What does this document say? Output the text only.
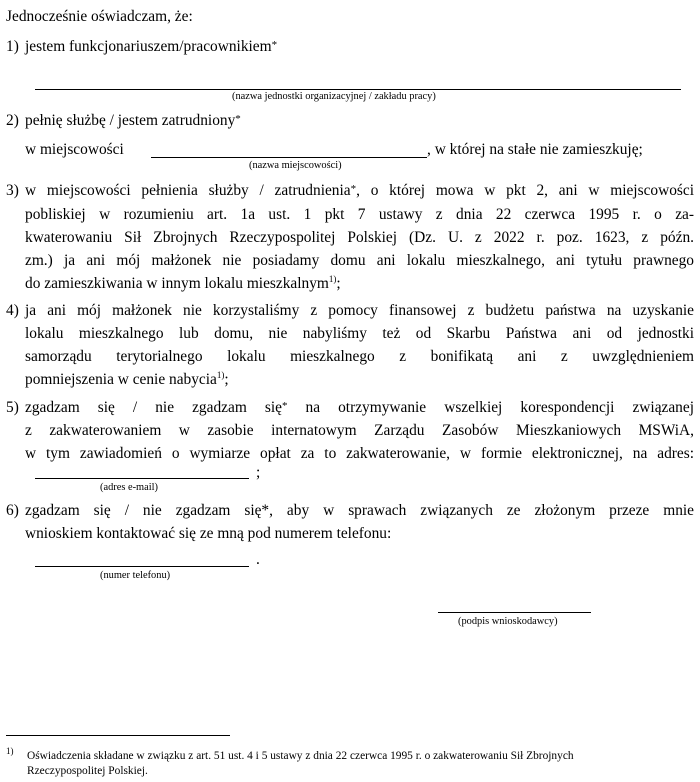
Jednocześnie oświadczam, że:
1) jestem funkcjonariuszem/pracownikiem*
(nazwa jednostki organizacyjnej / zakładu pracy)
2) pełnię służbę / jestem zatrudniony*
w miejscowości	, w której na stałe nie zamieszkuję;
(nazwa miejscowości)
3) w miejscowości pełnienia służby / zatrudnienia*, o której mowa w pkt 2, ani w miejscowości
pobliskiej w rozumieniu art. 1a ust. 1 pkt 7 ustawy z dnia 22 czerwca 1995 r. o za-
kwaterowaniu Sił Zbrojnych Rzeczypospolitej Polskiej (Dz. U. z 2022 r. poz. 1623, z późn.
zm.) ja ani mój małżonek nie posiadamy domu ani lokalu mieszkalnego, ani tytułu prawnego
do zamieszkiwania w innym lokalu mieszkalnym$^{1)}$;
4) ja ani mój małżonek nie korzystaliśmy z pomocy finansowej z budżetu państwa na uzyskanie
lokalu mieszkalnego lub domu, nie nabyliśmy też od Skarbu Państwa ani od jednostki
samorządu terytorialnego lokalu mieszkalnego z bonifikatą ani z uwzględnieniem
pomniejszenia w cenie nabycia$^{1)}$;
5) zgadzam się / nie zgadzam się* na otrzymywanie wszelkiej korespondencji związanej
z zakwaterowaniem w zasobie internatowym Zarządu Zasobów Mieszkaniowych MSWiA,
w tym zawiadomień o wymiarze opłat za to zakwaterowanie, w formie elektronicznej, na adres:
;
(adres e-mail)
6) zgadzam się / nie zgadzam się*, aby w sprawach związanych ze złożonym przeze mnie
wnioskiem kontaktować się ze mną pod numerem telefonu:
.
(numer telefonu)
(podpis wnioskodawcy)
1) Oświadczenia składane w związku z art. 51 ust. 4 i 5 ustawy z dnia 22 czerwca 1995 r. o zakwaterowaniu Sił Zbrojnych
Rzeczypospolitej Polskiej.
